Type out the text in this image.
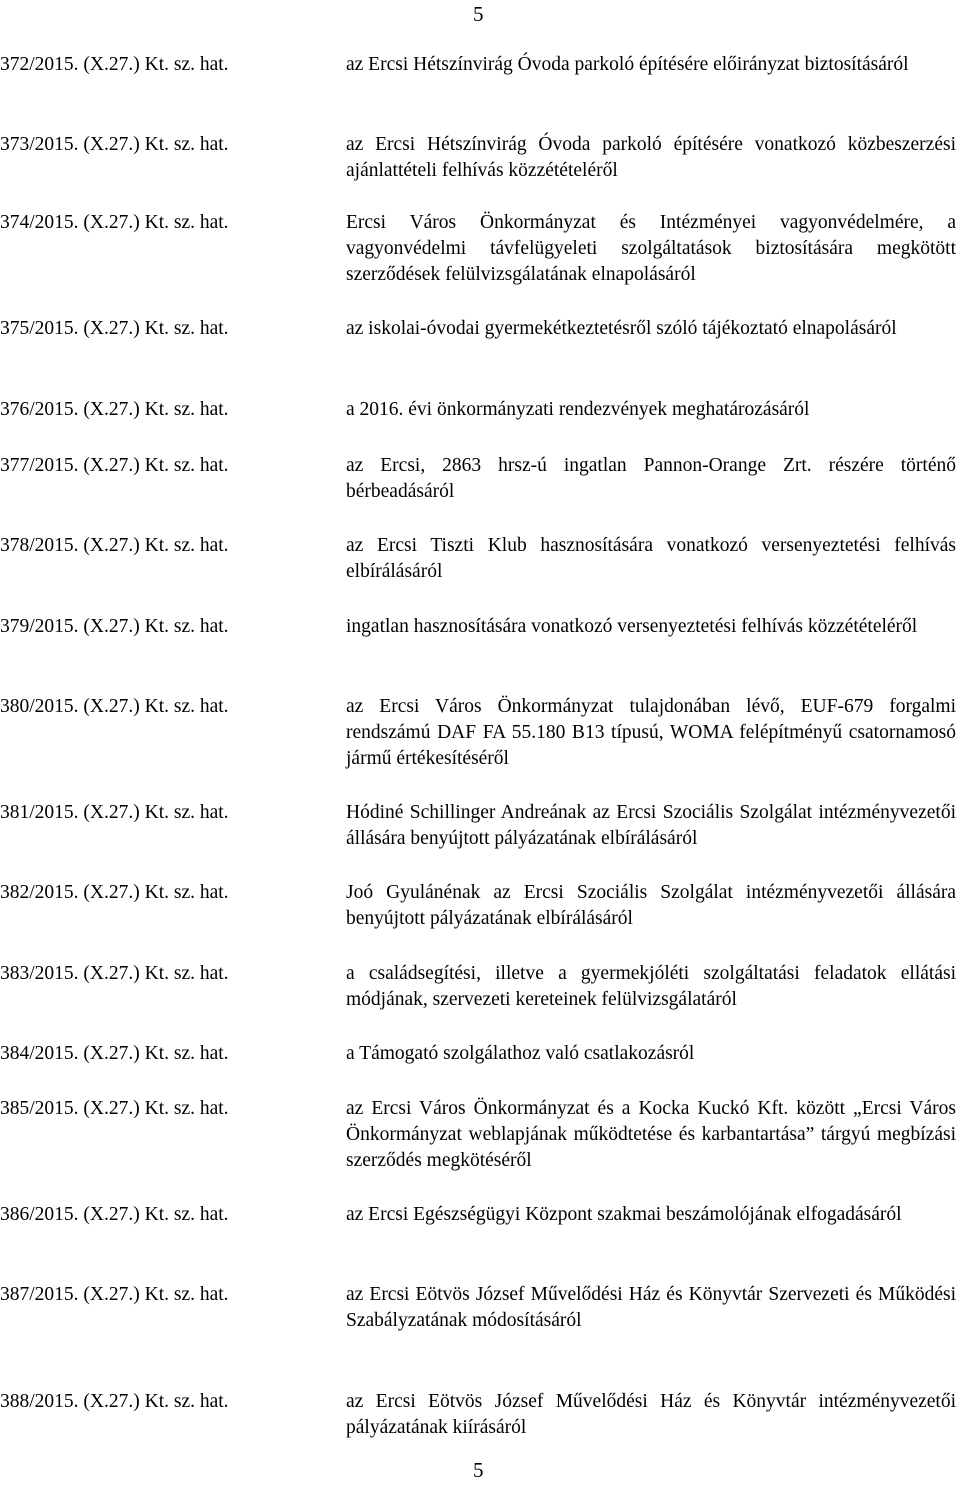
5
372/2015. (X.27.) Kt. sz. hat.	az Ercsi Hétszínvirág Óvoda parkoló építésére előirányzat biztosításáról
373/2015. (X.27.) Kt. sz. hat.	az Ercsi Hétszínvirág Óvoda parkoló építésére vonatkozó közbeszerzési ajánlattételi felhívás közzétételéről
374/2015. (X.27.) Kt. sz. hat.	Ercsi Város Önkormányzat és Intézményei vagyonvédelmére, a vagyonvédelmi távfelügyeleti szolgáltatások biztosítására megkötött szerződések felülvizsgálatának elnapolásáról
375/2015. (X.27.) Kt. sz. hat.	az iskolai-óvodai gyermekétkeztetésről szóló tájékoztató elnapolásáról
376/2015. (X.27.) Kt. sz. hat.	a 2016. évi önkormányzati rendezvények meghatározásáról
377/2015. (X.27.) Kt. sz. hat.	az Ercsi, 2863 hrsz-ú ingatlan Pannon-Orange Zrt. részére történő bérbeadásáról
378/2015. (X.27.) Kt. sz. hat.	az Ercsi Tiszti Klub hasznosítására vonatkozó versenyeztetési felhívás elbírálásáról
379/2015. (X.27.) Kt. sz. hat.	ingatlan hasznosítására vonatkozó versenyeztetési felhívás közzétételéről
380/2015. (X.27.) Kt. sz. hat.	az Ercsi Város Önkormányzat tulajdonában lévő, EUF-679 forgalmi rendszámú DAF FA 55.180 B13 típusú, WOMA felépítményű csatornamosó jármű értékesítéséről
381/2015. (X.27.) Kt. sz. hat.	Hódiné Schillinger Andreának az Ercsi Szociális Szolgálat intézményvezetői állására benyújtott pályázatának elbírálásáról
382/2015. (X.27.) Kt. sz. hat.	Joó Gyulánénak az Ercsi Szociális Szolgálat intézményvezetői állására benyújtott pályázatának elbírálásáról
383/2015. (X.27.) Kt. sz. hat.	a családsegítési, illetve a gyermekjóléti szolgáltatási feladatok ellátási módjának, szervezeti kereteinek felülvizsgálatáról
384/2015. (X.27.) Kt. sz. hat.	a Támogató szolgálathoz való csatlakozásról
385/2015. (X.27.) Kt. sz. hat.	az Ercsi Város Önkormányzat és a Kocka Kuckó Kft. között „Ercsi Város Önkormányzat weblapjának működtetése és karbantartása” tárgyú megbízási szerződés megkötéséről
386/2015. (X.27.) Kt. sz. hat.	az Ercsi Egészségügyi Központ szakmai beszámolójának elfogadásáról
387/2015. (X.27.) Kt. sz. hat.	az Ercsi Eötvös József Művelődési Ház és Könyvtár Szervezeti és Működési Szabályzatának módosításáról
388/2015. (X.27.) Kt. sz. hat.	az Ercsi Eötvös József Művelődési Ház és Könyvtár intézményvezetői pályázatának kiírásáról
5
